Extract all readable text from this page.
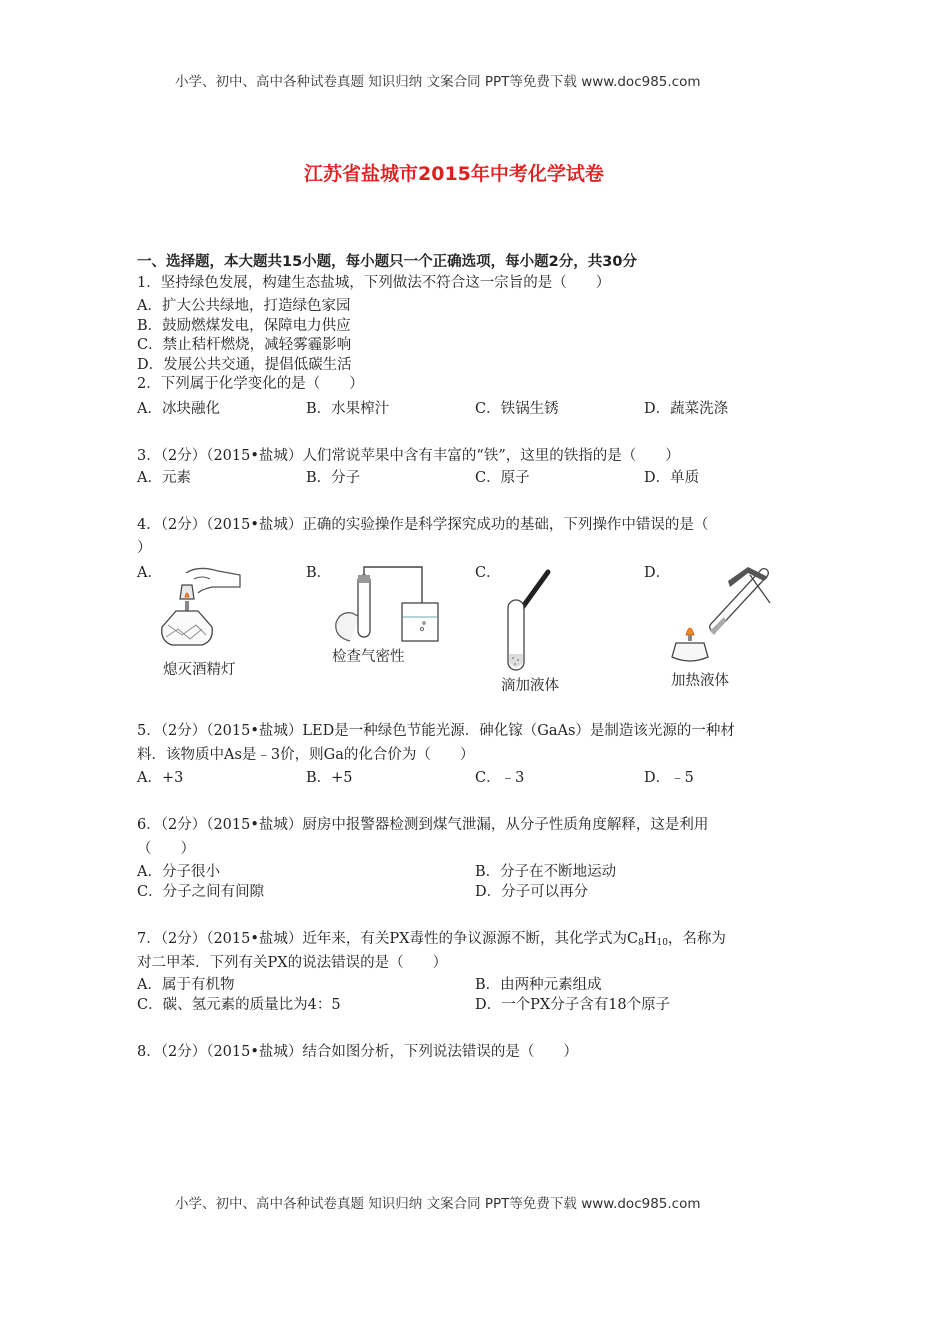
小学、初中、高中各种试卷真题 知识归纳 文案合同 PPT等免费下载 www.doc985.com
江苏省盐城市2015年中考化学试卷
一、选择题，本大题共15小题，每小题只一个正确选项，每小题2分，共30分
1．坚持绿色发展，构建生态盐城，下列做法不符合这一宗旨的是（　　）
A．扩大公共绿地，打造绿色家园
B．鼓励燃煤发电，保障电力供应
C．禁止秸杆燃烧，减轻雾霾影响
D．发展公共交通，提倡低碳生活
2．下列属于化学变化的是（　　）
A．冰块融化	B．水果榨汁	C．铁锅生锈	D．蔬菜洗涤
3．（2分）（2015•盐城）人们常说苹果中含有丰富的“铁”，这里的铁指的是（　　）
A．元素	B．分子	C．原子	D．单质
4．（2分）（2015•盐城）正确的实验操作是科学探究成功的基础，下列操作中错误的是（
）
A．	B．	C．	D．
熄灭酒精灯
检查气密性
滴加液体	加热液体
5．（2分）（2015•盐城）LED是一种绿色节能光源．砷化镓（GaAs）是制造该光源的一种材
料．该物质中As是﹣3价，则Ga的化合价为（　　）
A．+3	B．+5	C．﹣3	D．﹣5
6．（2分）（2015•盐城）厨房中报警器检测到煤气泄漏，从分子性质角度解释，这是利用
（　　）
A．分子很小	B．分子在不断地运动
C．分子之间有间隙	D．分子可以再分
7．（2分）（2015•盐城）近年来，有关PX毒性的争议源源不断，其化学式为$C_8H_{10}$，名称为
对二甲苯．下列有关PX的说法错误的是（　　）
A．属于有机物	B．由两种元素组成
C．碳、氢元素的质量比为4：5	D．一个PX分子含有18个原子
8．（2分）（2015•盐城）结合如图分析，下列说法错误的是（　　）
小学、初中、高中各种试卷真题 知识归纳 文案合同 PPT等免费下载 www.doc985.com
